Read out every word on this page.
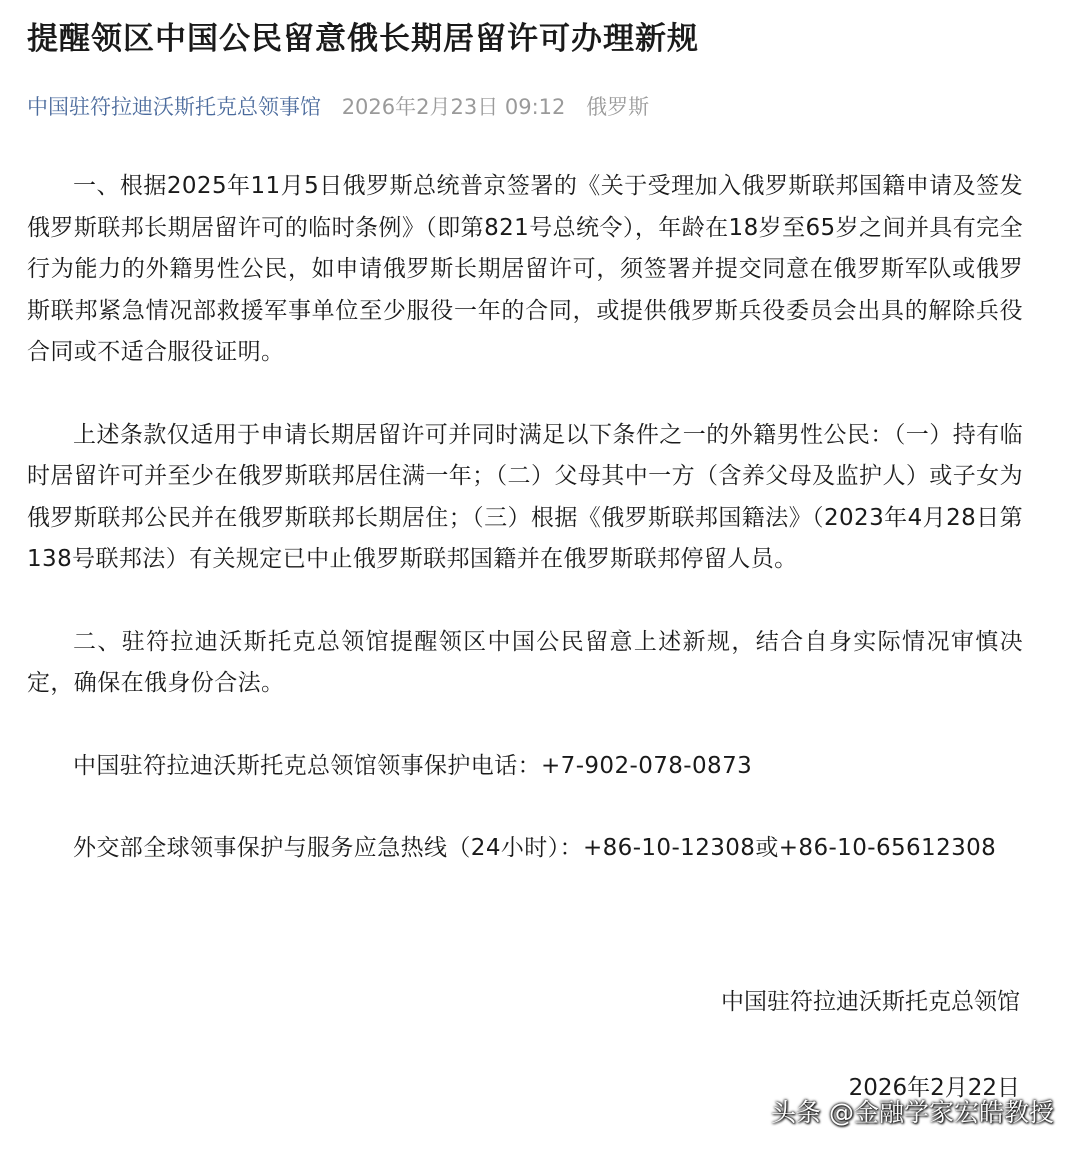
提醒领区中国公民留意俄长期居留许可办理新规
中国驻符拉迪沃斯托克总领事馆 2026年2月23日 09:12 俄罗斯

一、根据2025年11月5日俄罗斯总统普京签署的《关于受理加入俄罗斯联邦国籍申请及签发俄罗斯联邦长期居留许可的临时条例》（即第821号总统令），年龄在18岁至65岁之间并具有完全行为能力的外籍男性公民，如申请俄罗斯长期居留许可，须签署并提交同意在俄罗斯军队或俄罗斯联邦紧急情况部救援军事单位至少服役一年的合同，或提供俄罗斯兵役委员会出具的解除兵役合同或不适合服役证明。

上述条款仅适用于申请长期居留许可并同时满足以下条件之一的外籍男性公民：（一）持有临时居留许可并至少在俄罗斯联邦居住满一年；（二）父母其中一方（含养父母及监护人）或子女为俄罗斯联邦公民并在俄罗斯联邦长期居住；（三）根据《俄罗斯联邦国籍法》（2023年4月28日第138号联邦法）有关规定已中止俄罗斯联邦国籍并在俄罗斯联邦停留人员。

二、驻符拉迪沃斯托克总领馆提醒领区中国公民留意上述新规，结合自身实际情况审慎决定，确保在俄身份合法。

中国驻符拉迪沃斯托克总领馆领事保护电话：+7-902-078-0873

外交部全球领事保护与服务应急热线（24小时）：+86-10-12308或+86-10-65612308

中国驻符拉迪沃斯托克总领馆
2026年2月22日
头条 @金融学家宏皓教授
